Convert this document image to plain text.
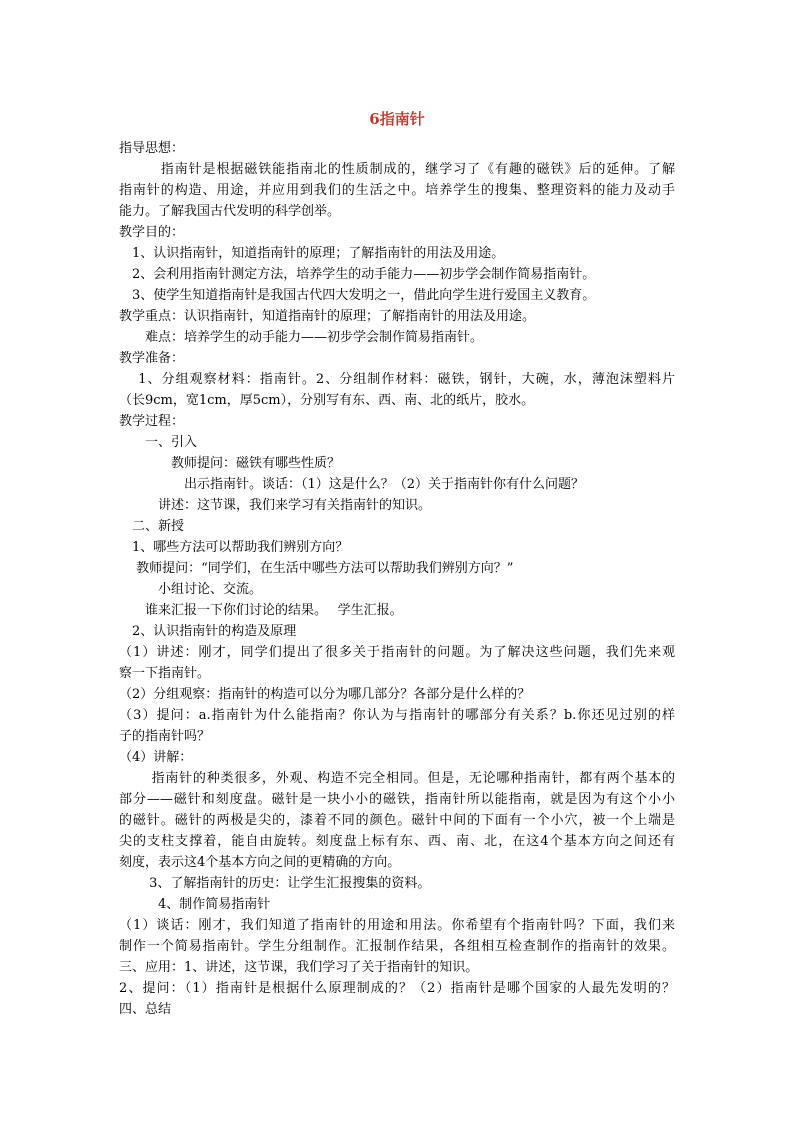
6指南针
指导思想：
　　　指南针是根据磁铁能指南北的性质制成的，继学习了《有趣的磁铁》后的延伸。了解
指南针的构造、用途，并应用到我们的生活之中。培养学生的搜集、整理资料的能力及动手
能力。了解我国古代发明的科学创举。
教学目的：
　1、认识指南针，知道指南针的原理；了解指南针的用法及用途。
　2、会利用指南针测定方法，培养学生的动手能力——初步学会制作简易指南针。
　3、使学生知道指南针是我国古代四大发明之一，借此向学生进行爱国主义教育。
教学重点：认识指南针，知道指南针的原理；了解指南针的用法及用途。
　　难点：培养学生的动手能力——初步学会制作简易指南针。
教学准备：
　 1、分组观察材料：指南针。2、分组制作材料：磁铁，钢针，大碗，水，薄泡沫塑料片
（长9cm，宽1cm，厚5cm），分别写有东、西、南、北的纸片，胶水。
教学过程：
　　一、引入
　　　　教师提问：磁铁有哪些性质？
　　　　　出示指南针。谈话：（1）这是什么？（2）关于指南针你有什么问题？
　　　讲述：这节课，我们来学习有关指南针的知识。
　二、新授
　1、哪些方法可以帮助我们辨别方向？
　 教师提问：“同学们，在生活中哪些方法可以帮助我们辨别方向？”
　　　小组讨论、交流。
　　谁来汇报一下你们讨论的结果。　 学生汇报。
　2、认识指南针的构造及原理
（1）讲述：刚才，同学们提出了很多关于指南针的问题。为了解决这些问题，我们先来观
察一下指南针。
（2）分组观察：指南针的构造可以分为哪几部分？各部分是什么样的？
（3）提问：a.指南针为什么能指南？你认为与指南针的哪部分有关系？b.你还见过别的样
子的指南针吗？
（4）讲解：
　　 指南针的种类很多，外观、构造不完全相同。但是，无论哪种指南针，都有两个基本的
部分——磁针和刻度盘。磁针是一块小小的磁铁，指南针所以能指南，就是因为有这个小小
的磁针。磁针的两极是尖的，漆着不同的颜色。磁针中间的下面有一个小穴，被一个上端是
尖的支柱支撑着，能自由旋转。刻度盘上标有东、西、南、北，在这4个基本方向之间还有
刻度，表示这4个基本方向之间的更精确的方向。
　　 3、了解指南针的历史：让学生汇报搜集的资料。
　　　4、制作简易指南针
（1）谈话：刚才，我们知道了指南针的用途和用法。你希望有个指南针吗？下面，我们来
制作一个简易指南针。学生分组制作。汇报制作结果，各组相互检查制作的指南针的效果。
三、应用：1、讲述，这节课，我们学习了关于指南针的知识。
2、提问：（1）指南针是根据什么原理制成的？（2）指南针是哪个国家的人最先发明的？
四、总结
